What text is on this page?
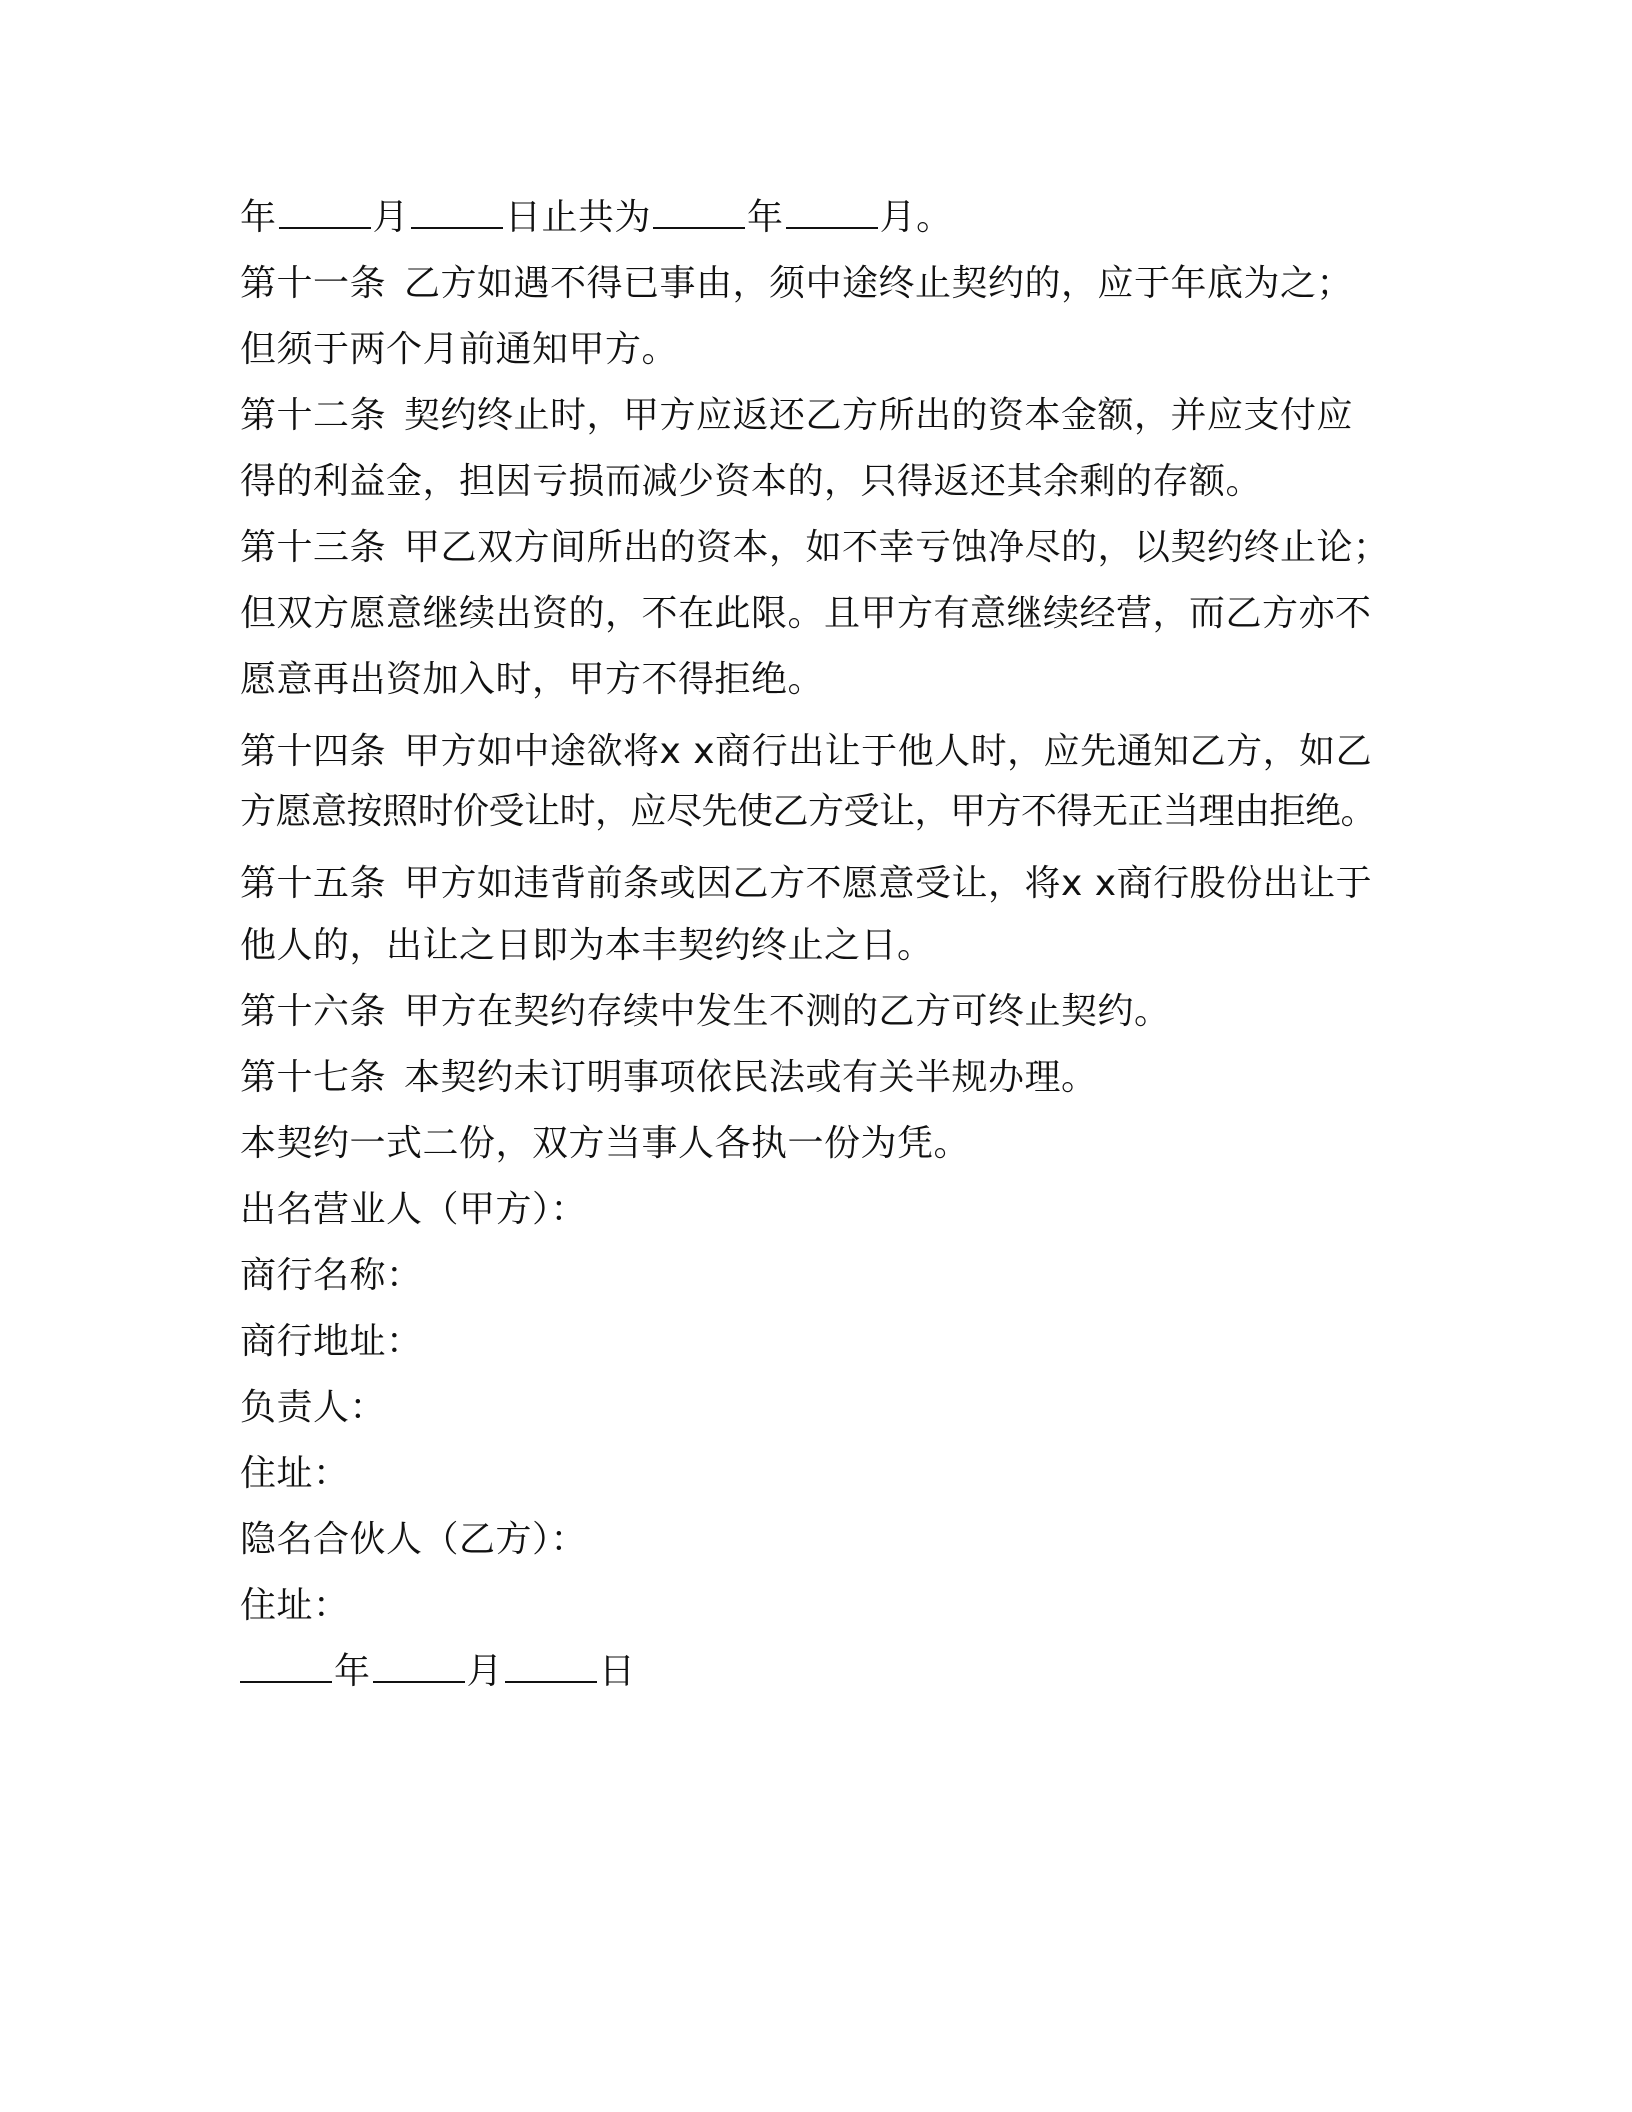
年	月	日止共为	年	月。
第十一条 乙方如遇不得已事由，须中途终止契约的，应于年底为之；
但须于两个月前通知甲方。
第十二条 契约终止时，甲方应返还乙方所出的资本金额，并应支付应
得的利益金，担因亏损而减少资本的，只得返还其余剩的存额。
第十三条 甲乙双方间所出的资本，如不幸亏蚀净尽的，以契约终止论；
但双方愿意继续出资的，不在此限。且甲方有意继续经营，而乙方亦不
愿意再出资加入时，甲方不得拒绝。
第十四条 甲方如中途欲将x x商行出让于他人时，应先通知乙方，如乙
方愿意按照时价受让时，应尽先使乙方受让，甲方不得无正当理由拒绝。
第十五条 甲方如违背前条或因乙方不愿意受让，将x x商行股份出让于
他人的，出让之日即为本丰契约终止之日。
第十六条 甲方在契约存续中发生不测的乙方可终止契约。
第十七条 本契约未订明事项依民法或有关半规办理。
本契约一式二份，双方当事人各执一份为凭。
出名营业人（甲方）：
商行名称：
商行地址：
负责人：
住址：
隐名合伙人（乙方）：
住址：
年	月	日
